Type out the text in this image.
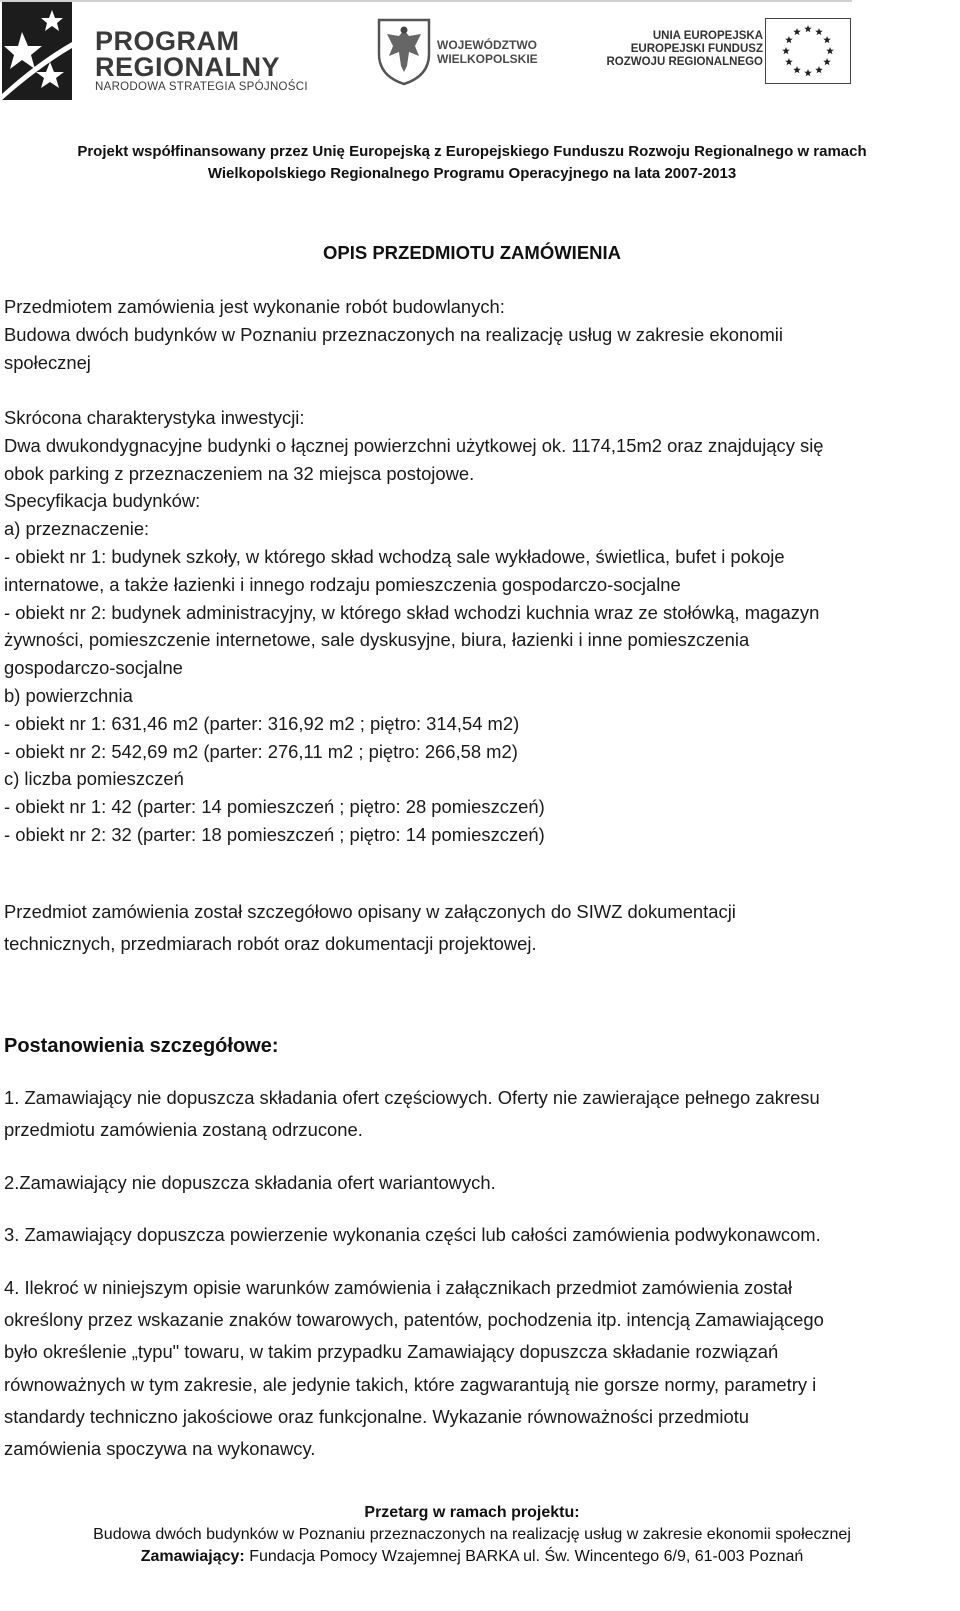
PROGRAM
REGIONALNY
NARODOWA STRATEGIA SPÓJNOŚCI
WOJEWÓDZTWO
WIELKOPOLSKIE
UNIA EUROPEJSKA
EUROPEJSKI FUNDUSZ
ROZWOJU REGIONALNEGO
Projekt współfinansowany przez Unię Europejską z Europejskiego Funduszu Rozwoju Regionalnego w ramach
Wielkopolskiego Regionalnego Programu Operacyjnego na lata 2007-2013
OPIS PRZEDMIOTU ZAMÓWIENIA

Przedmiotem zamówienia jest wykonanie robót budowlanych:

Budowa dwóch budynków w Poznaniu przeznaczonych na realizację usług w zakresie ekonomii

społecznej

Skrócona charakterystyka inwestycji:

Dwa dwukondygnacyjne budynki o łącznej powierzchni użytkowej ok. 1174,15m2 oraz znajdujący się

obok parking z przeznaczeniem na 32 miejsca postojowe.

Specyfikacja budynków:

a) przeznaczenie:

- obiekt nr 1: budynek szkoły, w którego skład wchodzą sale wykładowe, świetlica, bufet i pokoje

internatowe, a także łazienki i innego rodzaju pomieszczenia gospodarczo-socjalne

- obiekt nr 2: budynek administracyjny, w którego skład wchodzi kuchnia wraz ze stołówką, magazyn

żywności, pomieszczenie internetowe, sale dyskusyjne, biura, łazienki i inne pomieszczenia

gospodarczo-socjalne

b) powierzchnia

- obiekt nr 1: 631,46 m2 (parter: 316,92 m2 ; piętro: 314,54 m2)

- obiekt nr 2: 542,69 m2 (parter: 276,11 m2 ; piętro: 266,58 m2)

c) liczba pomieszczeń

- obiekt nr 1: 42 (parter: 14 pomieszczeń ; piętro: 28 pomieszczeń)

- obiekt nr 2: 32 (parter: 18 pomieszczeń ; piętro: 14 pomieszczeń)

Przedmiot zamówienia został szczegółowo opisany w załączonych do SIWZ dokumentacji

technicznych, przedmiarach robót oraz dokumentacji projektowej.

Postanowienia szczegółowe:

1. Zamawiający nie dopuszcza składania ofert częściowych. Oferty nie zawierające pełnego zakresu

przedmiotu zamówienia zostaną odrzucone.

2.Zamawiający nie dopuszcza składania ofert wariantowych.

3. Zamawiający dopuszcza powierzenie wykonania części lub całości zamówienia podwykonawcom.

4. Ilekroć w niniejszym opisie warunków zamówienia i załącznikach przedmiot zamówienia został

określony przez wskazanie znaków towarowych, patentów, pochodzenia itp. intencją Zamawiającego

było określenie „typu" towaru, w takim przypadku Zamawiający dopuszcza składanie rozwiązań

równoważnych w tym zakresie, ale jedynie takich, które zagwarantują nie gorsze normy, parametry i

standardy techniczno jakościowe oraz funkcjonalne. Wykazanie równoważności przedmiotu

zamówienia spoczywa na wykonawcy.

Przetarg w ramach projektu:
Budowa dwóch budynków w Poznaniu przeznaczonych na realizację usług w zakresie ekonomii społecznej
Zamawiający: Fundacja Pomocy Wzajemnej BARKA ul. Św. Wincentego 6/9, 61-003 Poznań
